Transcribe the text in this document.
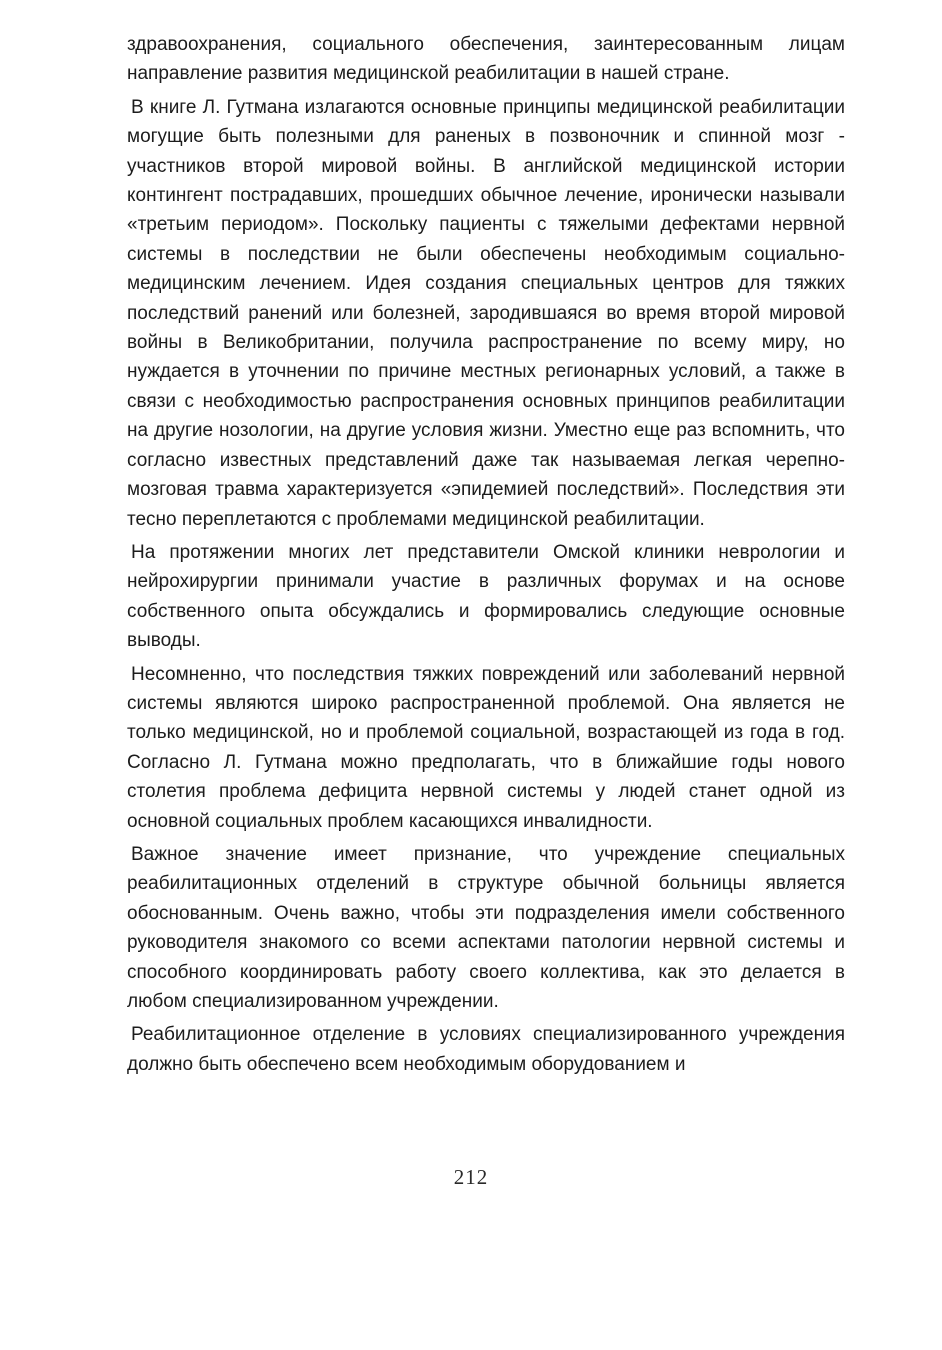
здравоохранения, социального обеспечения, заинтересованным лицам направление развития медицинской реабилитации в нашей стране.

В книге Л. Гутмана излагаются основные принципы медицинской реабилитации могущие быть полезными для раненых в позвоночник и спинной мозг - участников второй мировой войны. В английской медицинской истории контингент пострадавших, прошедших обычное лечение, иронически называли «третьим периодом». Поскольку пациенты с тяжелыми дефектами нервной системы в последствии не были обеспечены необходимым социально-медицинским лечением. Идея создания специальных центров для тяжких последствий ранений или болезней, зародившаяся во время второй мировой войны в Великобритании, получила распространение по всему миру, но нуждается в уточнении по причине местных регионарных условий, а также в связи с необходимостью распространения основных принципов реабилитации на другие нозологии, на другие условия жизни. Уместно еще раз вспомнить, что согласно известных представлений даже так называемая легкая черепно-мозговая травма характеризуется «эпидемией последствий». Последствия эти тесно переплетаются с проблемами медицинской реабилитации.

На протяжении многих лет представители Омской клиники неврологии и нейрохирургии принимали участие в различных форумах и на основе собственного опыта обсуждались и формировались следующие основные выводы.

Несомненно, что последствия тяжких повреждений или заболеваний нервной системы являются широко распространенной проблемой. Она является не только медицинской, но и проблемой социальной, возрастающей из года в год. Согласно Л. Гутмана можно предполагать, что в ближайшие годы нового столетия проблема дефицита нервной системы у людей станет одной из основной социальных проблем касающихся инвалидности.

Важное значение имеет признание, что учреждение специальных реабилитационных отделений в структуре обычной больницы является обоснованным. Очень важно, чтобы эти подразделения имели собственного руководителя знакомого со всеми аспектами патологии нервной системы и способного координировать работу своего коллектива, как это делается в любом специализированном учреждении.

Реабилитационное отделение в условиях специализированного учреждения должно быть обеспечено всем необходимым оборудованием и

212
